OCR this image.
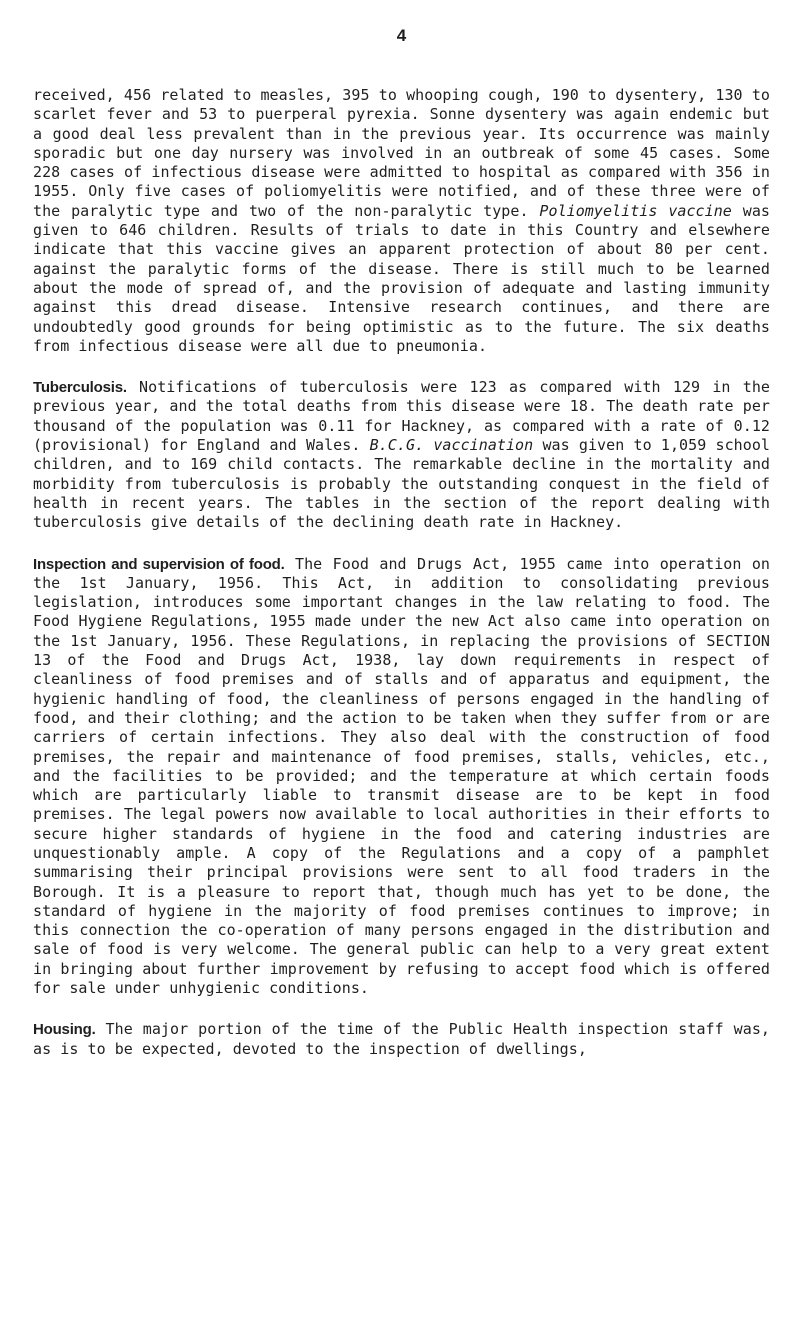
4

received, 456 related to measles, 395 to whooping cough, 190 to dysentery, 130 to scarlet fever and 53 to puerperal pyrexia. Sonne dysentery was again endemic but a good deal less prevalent than in the previous year. Its occurrence was mainly sporadic but one day nursery was involved in an outbreak of some 45 cases. Some 228 cases of infectious disease were admitted to hospital as compared with 356 in 1955. Only five cases of poliomyelitis were notified, and of these three were of the paralytic type and two of the non-paralytic type. Poliomyelitis vaccine was given to 646 children. Results of trials to date in this Country and elsewhere indicate that this vaccine gives an apparent protection of about 80 per cent. against the paralytic forms of the disease. There is still much to be learned about the mode of spread of, and the provision of adequate and lasting immunity against this dread disease. Intensive research continues, and there are undoubtedly good grounds for being optimistic as to the future. The six deaths from infectious disease were all due to pneumonia.

Tuberculosis. Notifications of tuberculosis were 123 as compared with 129 in the previous year, and the total deaths from this disease were 18. The death rate per thousand of the population was 0.11 for Hackney, as compared with a rate of 0.12 (provisional) for England and Wales. B.C.G. vaccination was given to 1,059 school children, and to 169 child contacts. The remarkable decline in the mortality and morbidity from tuberculosis is probably the outstanding conquest in the field of health in recent years. The tables in the section of the report dealing with tuberculosis give details of the declining death rate in Hackney.

Inspection and supervision of food. The Food and Drugs Act, 1955 came into operation on the 1st January, 1956. This Act, in addition to consolidating previous legislation, introduces some important changes in the law relating to food. The Food Hygiene Regulations, 1955 made under the new Act also came into operation on the 1st January, 1956. These Regulations, in replacing the provisions of SECTION 13 of the Food and Drugs Act, 1938, lay down requirements in respect of cleanliness of food premises and of stalls and of apparatus and equipment, the hygienic handling of food, the cleanliness of persons engaged in the handling of food, and their clothing; and the action to be taken when they suffer from or are carriers of certain infections. They also deal with the construction of food premises, the repair and maintenance of food premises, stalls, vehicles, etc., and the facilities to be provided; and the temperature at which certain foods which are particularly liable to transmit disease are to be kept in food premises. The legal powers now available to local authorities in their efforts to secure higher standards of hygiene in the food and catering industries are unquestionably ample. A copy of the Regulations and a copy of a pamphlet summarising their principal provisions were sent to all food traders in the Borough. It is a pleasure to report that, though much has yet to be done, the standard of hygiene in the majority of food premises continues to improve; in this connection the co-operation of many persons engaged in the distribution and sale of food is very welcome. The general public can help to a very great extent in bringing about further improvement by refusing to accept food which is offered for sale under unhygienic conditions.

Housing. The major portion of the time of the Public Health inspection staff was, as is to be expected, devoted to the inspection of dwellings,
